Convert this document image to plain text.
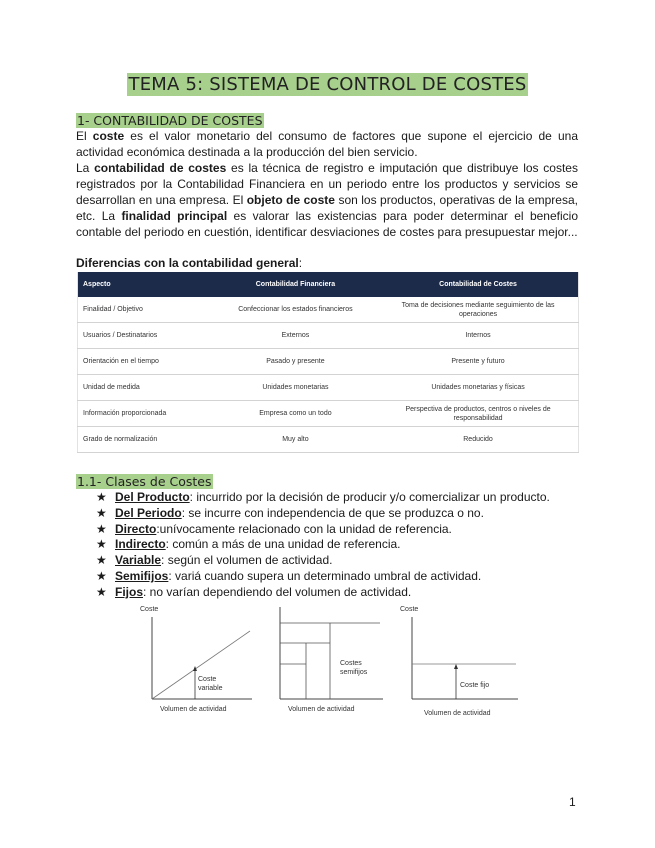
TEMA 5: SISTEMA DE CONTROL DE COSTES
1- CONTABILIDAD DE COSTES

El coste es el valor monetario del consumo de factores que supone el ejercicio de una actividad económica destinada a la producción del bien servicio.

La contabilidad de costes es la técnica de registro e imputación que distribuye los costes registrados por la Contabilidad Financiera en un periodo entre los productos y servicios se desarrollan en una empresa. El objeto de coste son los productos, operativas de la empresa, etc. La finalidad principal es valorar las existencias para poder determinar el beneficio contable del periodo en cuestión, identificar desviaciones de costes para presupuestar mejor...

Diferencias con la contabilidad general:
Aspecto	Contabilidad Financiera	Contabilidad de Costes
Finalidad / Objetivo	Confeccionar los estados financieros	Toma de decisiones mediante seguimiento de las operaciones
Usuarios / Destinatarios	Externos	Internos
Orientación en el tiempo	Pasado y presente	Presente y futuro
Unidad de medida	Unidades monetarias	Unidades monetarias y físicas
Información proporcionada	Empresa como un todo	Perspectiva de productos, centros o niveles de responsabilidad
Grado de normalización	Muy alto	Reducido
1.1- Clases de Costes
★ Del Producto: incurrido por la decisión de producir y/o comercializar un producto.
★ Del Periodo: se incurre con independencia de que se produzca o no.
★ Directo:unívocamente relacionado con la unidad de referencia.
★ Indirecto: común a más de una unidad de referencia.
★ Variable: según el volumen de actividad.
★ Semifijos: variá cuando supera un determinado umbral de actividad.
★ Fijos: no varían dependiendo del volumen de actividad.
Coste
Coste
variable
Volumen de actividad
Costes
semifijos
Volumen de actividad
Coste
Coste fijo
Volumen de actividad
1
